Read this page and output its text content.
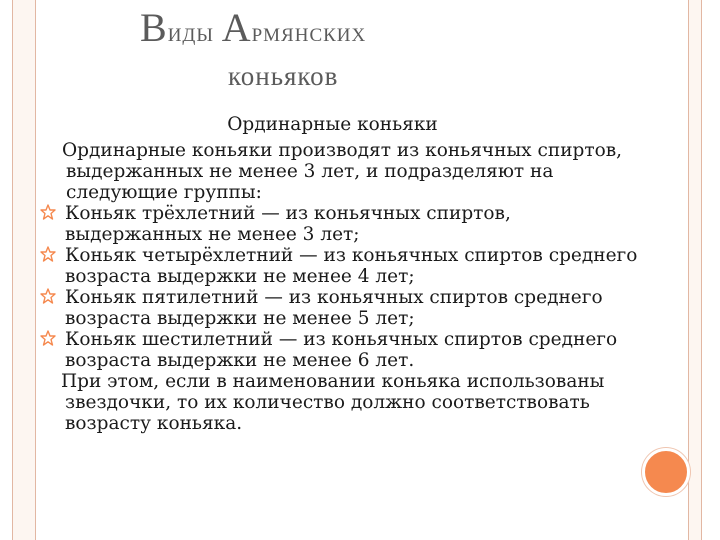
Виды Армянских
коньяков
Ординарные коньяки

Ординарные коньяки производят из коньячных спиртов, выдержанных не менее 3 лет, и подразделяют на следующие группы:

Коньяк трёхлетний — из коньячных спиртов, выдержанных не менее 3 лет;
Коньяк четырёхлетний — из коньячных спиртов среднего возраста выдержки не менее 4 лет;
Коньяк пятилетний — из коньячных спиртов среднего возраста выдержки не менее 5 лет;
Коньяк шестилетний — из коньячных спиртов среднего возраста выдержки не менее 6 лет.

При этом, если в наименовании коньяка использованы звездочки, то их количество должно соответствовать возрасту коньяка.
